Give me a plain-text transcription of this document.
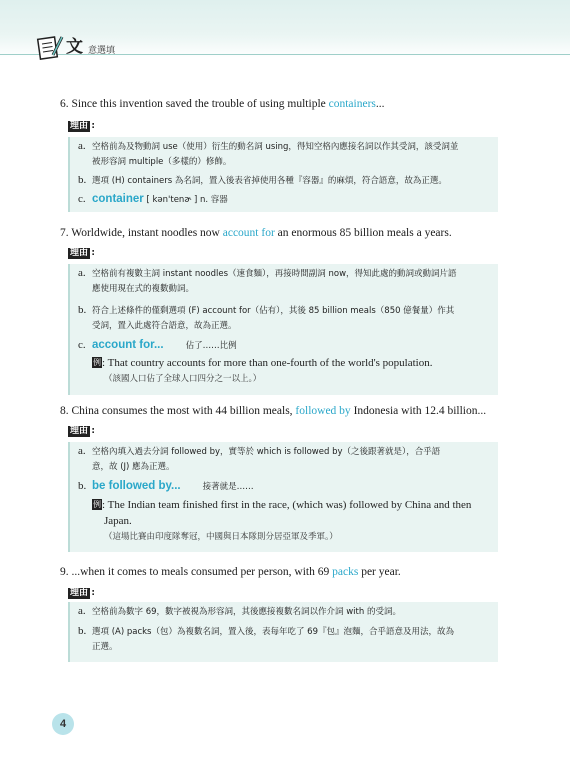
文 意選填
6. Since this invention saved the trouble of using multiple containers...
理由 :
a. 空格前為及物動詞 use（使用）衍生的動名詞 using，得知空格內應接名詞以作其受詞，該受詞並
被形容詞 multiple（多樣的）修飾。
b. 選項 (H) containers 為名詞，置入後表省掉使用各種『容器』的麻煩，符合語意，故為正選。
c. container [ kən'tenɚ ] n. 容器
7. Worldwide, instant noodles now account for an enormous 85 billion meals a years.
理由 :
a. 空格前有複數主詞 instant noodles（速食麵），再接時間副詞 now，得知此處的動詞或動詞片語
應使用現在式的複數動詞。
b. 符合上述條件的僅剩選項 (F) account for（佔有），其後 85 billion meals（850 億餐量）作其
受詞，置入此處符合語意，故為正選。
c. account for...	佔了……比例
例: That country accounts for more than one-fourth of the world's population.
（該國人口佔了全球人口四分之一以上。）
8. China consumes the most with 44 billion meals, followed by Indonesia with 12.4 billion...
理由 :
a. 空格內填入過去分詞 followed by，實等於 which is followed by（之後跟著就是），合乎語
意，故 (J) 應為正選。
b. be followed by...	接著就是……
例: The Indian team finished first in the race, (which was) followed by China and then
Japan.
（這場比賽由印度隊奪冠，中國與日本隊則分居亞軍及季軍。）
9. ...when it comes to meals consumed per person, with 69 packs per year.
理由 :
a. 空格前為數字 69，數字被視為形容詞，其後應接複數名詞以作介詞 with 的受詞。
b. 選項 (A) packs（包）為複數名詞，置入後，表每年吃了 69『包』泡麵，合乎語意及用法，故為
正選。
4
